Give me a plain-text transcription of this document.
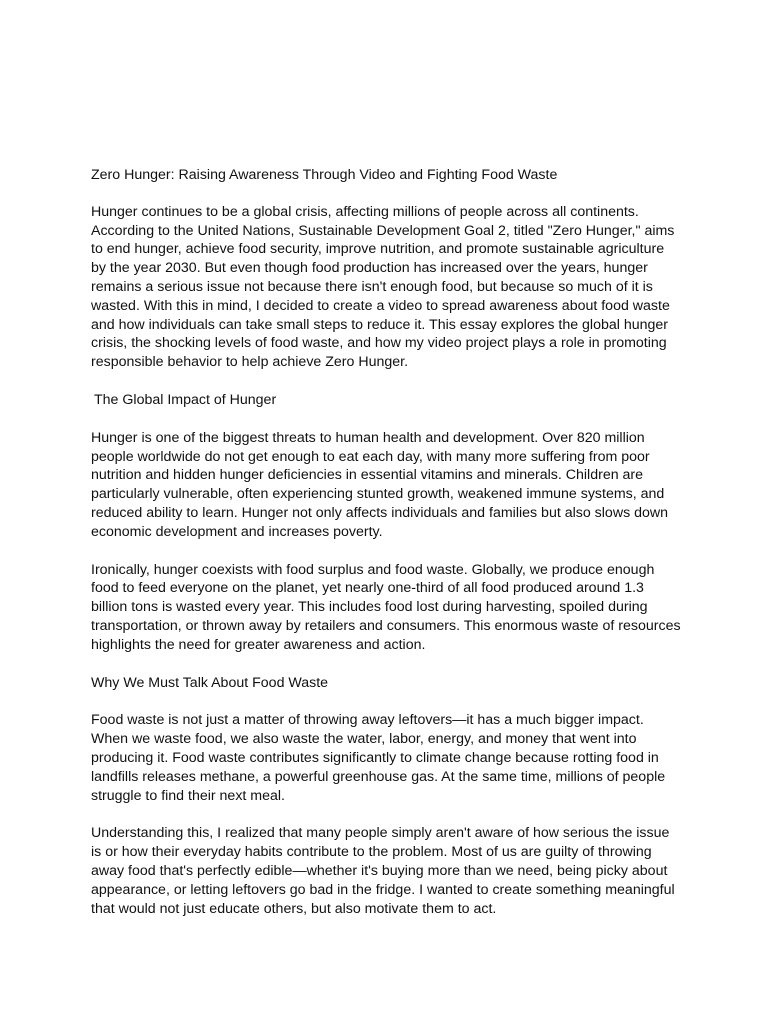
Zero Hunger: Raising Awareness Through Video and Fighting Food Waste

Hunger continues to be a global crisis, affecting millions of people across all continents. According to the United Nations, Sustainable Development Goal 2, titled "Zero Hunger," aims to end hunger, achieve food security, improve nutrition, and promote sustainable agriculture by the year 2030. But even though food production has increased over the years, hunger remains a serious issue not because there isn't enough food, but because so much of it is wasted. With this in mind, I decided to create a video to spread awareness about food waste and how individuals can take small steps to reduce it. This essay explores the global hunger crisis, the shocking levels of food waste, and how my video project plays a role in promoting responsible behavior to help achieve Zero Hunger.

The Global Impact of Hunger

Hunger is one of the biggest threats to human health and development. Over 820 million people worldwide do not get enough to eat each day, with many more suffering from poor nutrition and hidden hunger deficiencies in essential vitamins and minerals. Children are particularly vulnerable, often experiencing stunted growth, weakened immune systems, and reduced ability to learn. Hunger not only affects individuals and families but also slows down economic development and increases poverty.

Ironically, hunger coexists with food surplus and food waste. Globally, we produce enough food to feed everyone on the planet, yet nearly one-third of all food produced around 1.3 billion tons is wasted every year. This includes food lost during harvesting, spoiled during transportation, or thrown away by retailers and consumers. This enormous waste of resources highlights the need for greater awareness and action.

Why We Must Talk About Food Waste

Food waste is not just a matter of throwing away leftovers—it has a much bigger impact. When we waste food, we also waste the water, labor, energy, and money that went into producing it. Food waste contributes significantly to climate change because rotting food in landfills releases methane, a powerful greenhouse gas. At the same time, millions of people struggle to find their next meal.

Understanding this, I realized that many people simply aren't aware of how serious the issue is or how their everyday habits contribute to the problem. Most of us are guilty of throwing away food that's perfectly edible—whether it's buying more than we need, being picky about appearance, or letting leftovers go bad in the fridge. I wanted to create something meaningful that would not just educate others, but also motivate them to act.
